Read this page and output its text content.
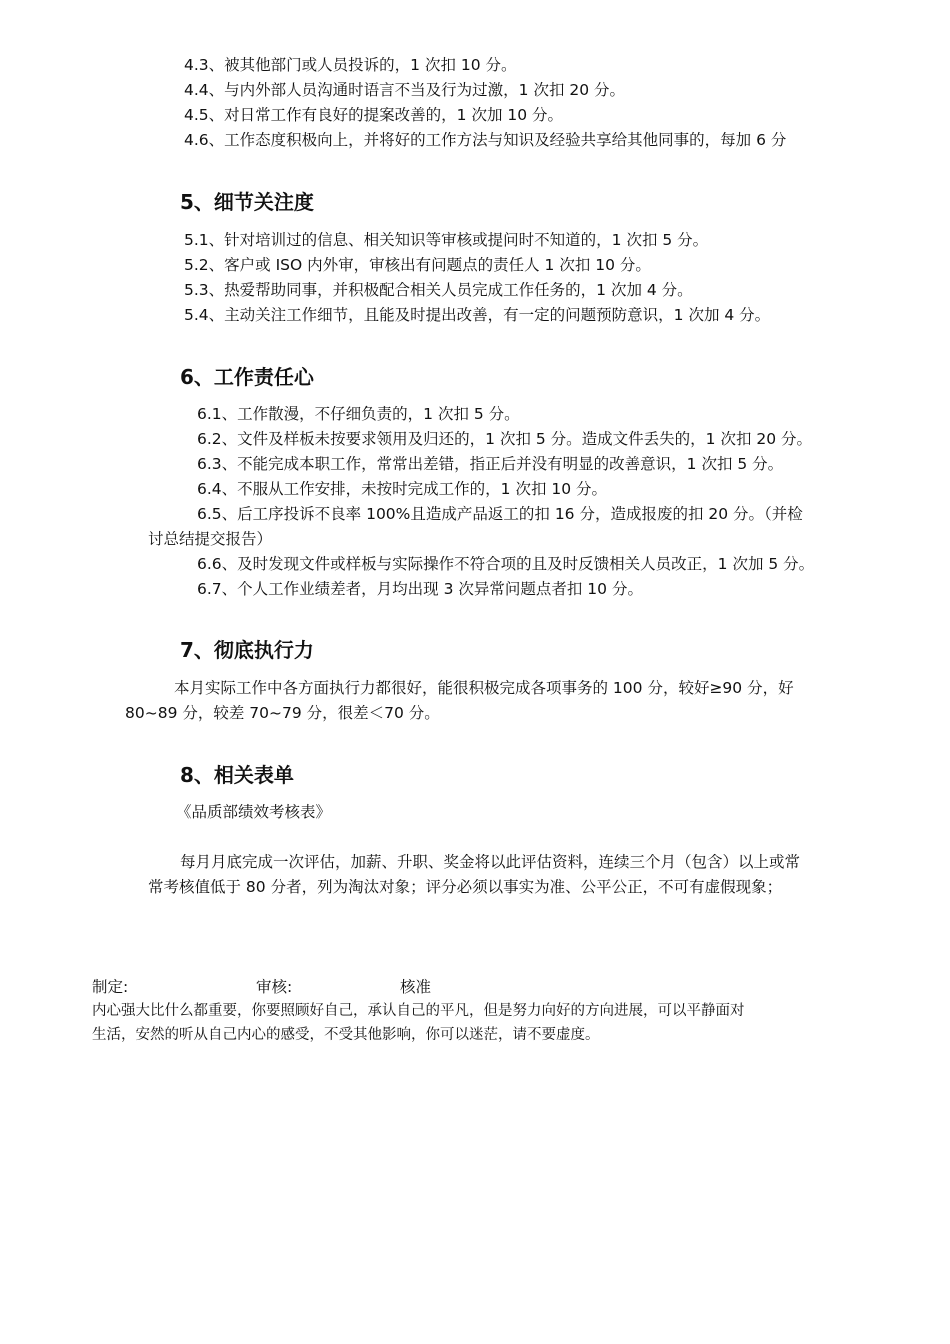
4.3、被其他部门或人员投诉的，1 次扣 10 分。
4.4、与内外部人员沟通时语言不当及行为过激，1 次扣 20 分。
4.5、对日常工作有良好的提案改善的，1 次加 10 分。
4.6、工作态度积极向上，并将好的工作方法与知识及经验共享给其他同事的，每加 6 分
5、细节关注度
5.1、针对培训过的信息、相关知识等审核或提问时不知道的，1 次扣 5 分。
5.2、客户或 ISO 内外审，审核出有问题点的责任人 1 次扣 10 分。
5.3、热爱帮助同事，并积极配合相关人员完成工作任务的，1 次加 4 分。
5.4、主动关注工作细节，且能及时提出改善，有一定的问题预防意识，1 次加 4 分。
6、工作责任心
6.1、工作散漫，不仔细负责的，1 次扣 5 分。
6.2、文件及样板未按要求领用及归还的，1 次扣 5 分。造成文件丢失的，1 次扣 20 分。
6.3、不能完成本职工作，常常出差错，指正后并没有明显的改善意识，1 次扣 5 分。
6.4、不服从工作安排，未按时完成工作的，1 次扣 10 分。
6.5、后工序投诉不良率 100%且造成产品返工的扣 16 分，造成报废的扣 20 分。（并检
讨总结提交报告）
6.6、及时发现文件或样板与实际操作不符合项的且及时反馈相关人员改正，1 次加 5 分。
6.7、个人工作业绩差者，月均出现 3 次异常问题点者扣 10 分。
7、彻底执行力
本月实际工作中各方面执行力都很好，能很积极完成各项事务的 100 分，较好≥90 分，好
80~89 分，较差 70~79 分，很差＜70 分。
8、相关表单
《品质部绩效考核表》
每月月底完成一次评估，加薪、升职、奖金将以此评估资料，连续三个月（包含）以上或常
常考核值低于 80 分者，列为淘汰对象；评分必须以事实为准、公平公正，不可有虚假现象；
制定:	审核:	核准
内心强大比什么都重要，你要照顾好自己，承认自己的平凡，但是努力向好的方向进展，可以平静面对
生活，安然的听从自己内心的感受，不受其他影响，你可以迷茫，请不要虚度。
